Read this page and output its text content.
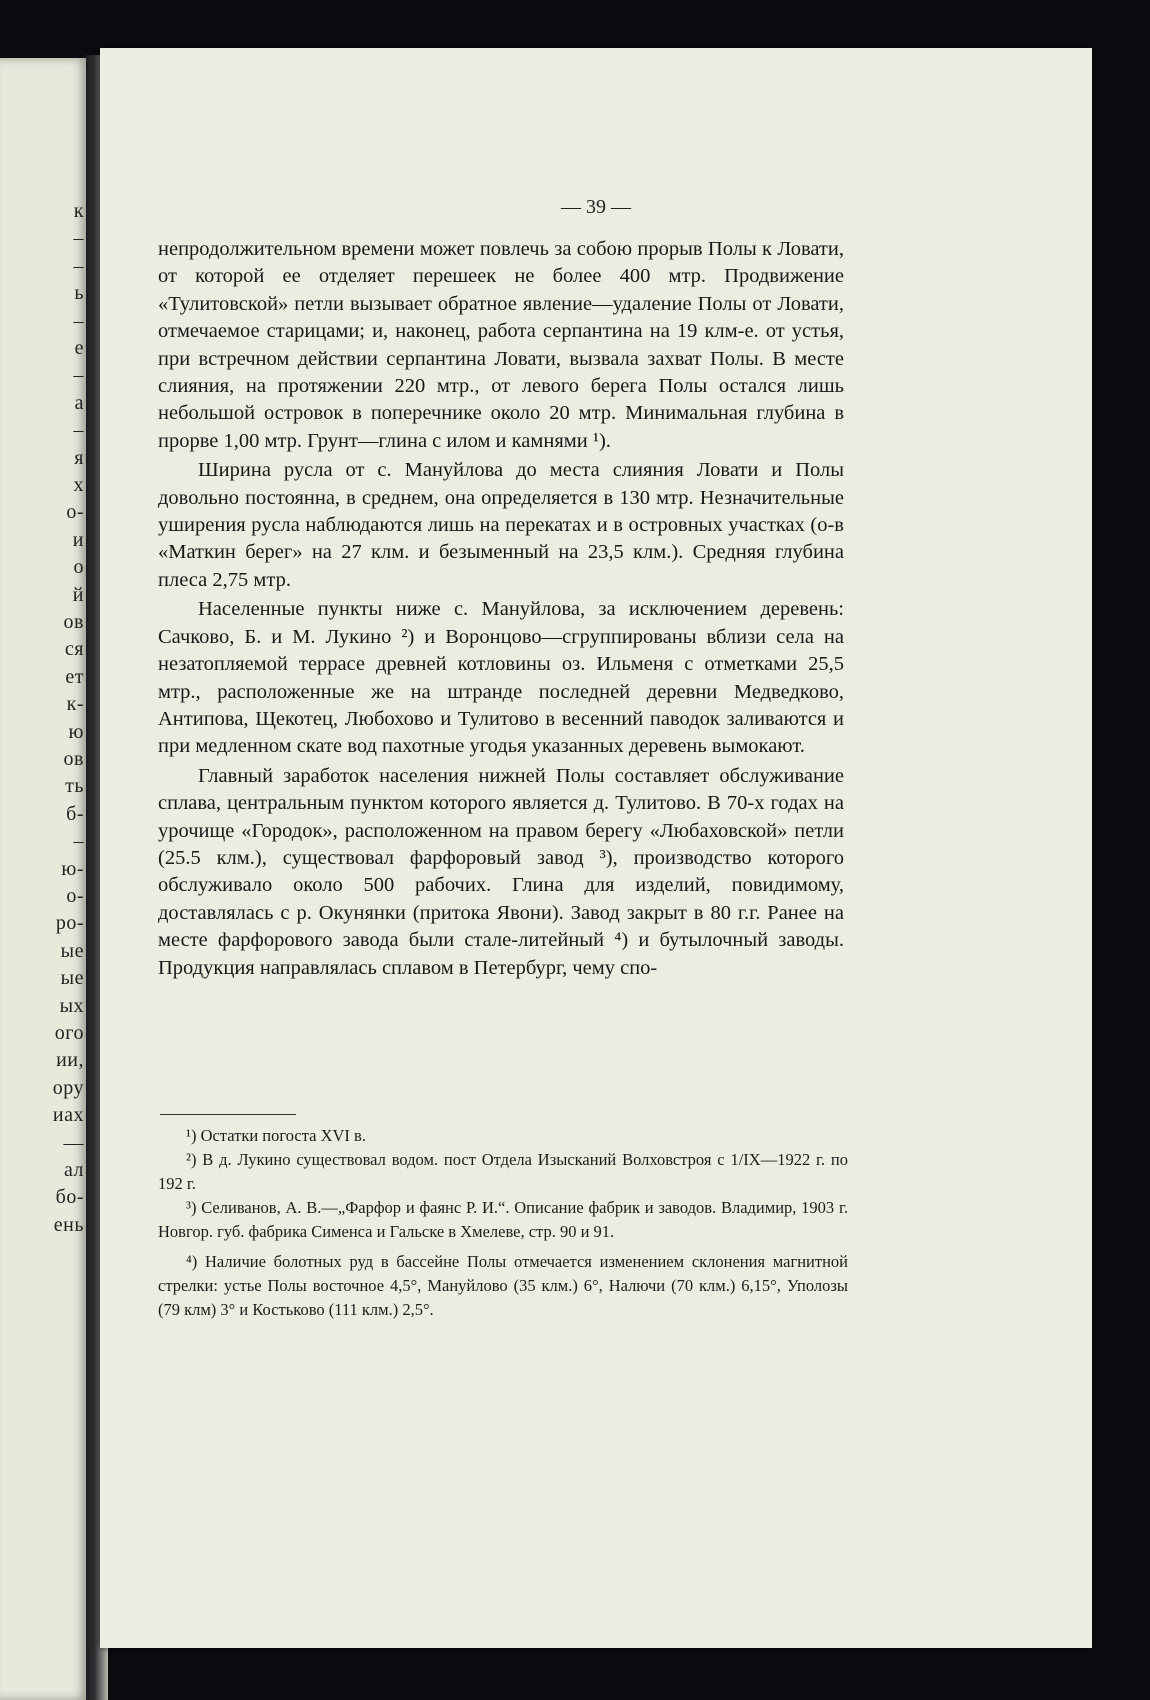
к
–
–
ь
–
е
–
а
–
я
х
о-
и
о
й
ов
ся
ет
к-
ю
ов
ть
б-
–
ю-
о-
ро-
ые
ые
ых
ого
ии,
ору
иах
—
ал
бо-
ень
— 39 —

непродолжительном времени может повлечь за собою прорыв Полы к Ловати, от которой ее отделяет перешеек не более 400 мтр. Продвижение «Тулитовской» петли вызывает обратное явление—удаление Полы от Ловати, отмечаемое старицами; и, наконец, работа серпантина на 19 клм-е. от устья, при встречном действии серпантина Ловати, вызвала захват Полы. В месте слияния, на протяжении 220 мтр., от левого берега Полы остался лишь небольшой островок в поперечнике около 20 мтр. Минимальная глубина в прорве 1,00 мтр. Грунт—глина с илом и камнями ¹).

Ширина русла от с. Мануйлова до места слияния Ловати и Полы довольно постоянна, в среднем, она определяется в 130 мтр. Незначительные уширения русла наблюдаются лишь на перекатах и в островных участках (о-в «Маткин берег» на 27 клм. и безыменный на 23,5 клм.). Средняя глубина плеса 2,75 мтр.

Населенные пункты ниже с. Мануйлова, за исключением деревень: Сачково, Б. и М. Лукино ²) и Воронцово—сгруппированы вблизи села на незатопляемой террасе древней котловины оз. Ильменя с отметками 25,5 мтр., расположенные же на штранде последней деревни Медведково, Антипова, Щекотец, Любохово и Тулитово в весенний паводок заливаются и при медленном скате вод пахотные угодья указанных деревень вымокают.

Главный заработок населения нижней Полы составляет обслуживание сплава, центральным пунктом которого является д. Тулитово. В 70-х годах на урочище «Городок», расположенном на правом берегу «Любаховской» петли (25.5 клм.), существовал фарфоровый завод ³), производство которого обслуживало около 500 рабочих. Глина для изделий, повидимому, доставлялась с р. Окунянки (притока Явони). Завод закрыт в 80 г.г. Ранее на месте фарфорового завода были стале-литейный ⁴) и бутылочный заводы. Продукция направлялась сплавом в Петербург, чему спо-

¹) Остатки погоста XVI в.

²) В д. Лукино существовал водом. пост Отдела Изысканий Волховстроя с 1/IX—1922 г. по 192 г.

³) Селиванов, А. В.—„Фарфор и фаянс Р. И.“. Описание фабрик и заводов. Владимир, 1903 г. Новгор. губ. фабрика Сименса и Гальске в Хмелеве, стр. 90 и 91.

⁴) Наличие болотных руд в бассейне Полы отмечается изменением склонения магнитной стрелки: устье Полы восточное 4,5°, Мануйлово (35 клм.) 6°, Налючи (70 клм.) 6,15°, Уполозы (79 клм) 3° и Костьково (111 клм.) 2,5°.
